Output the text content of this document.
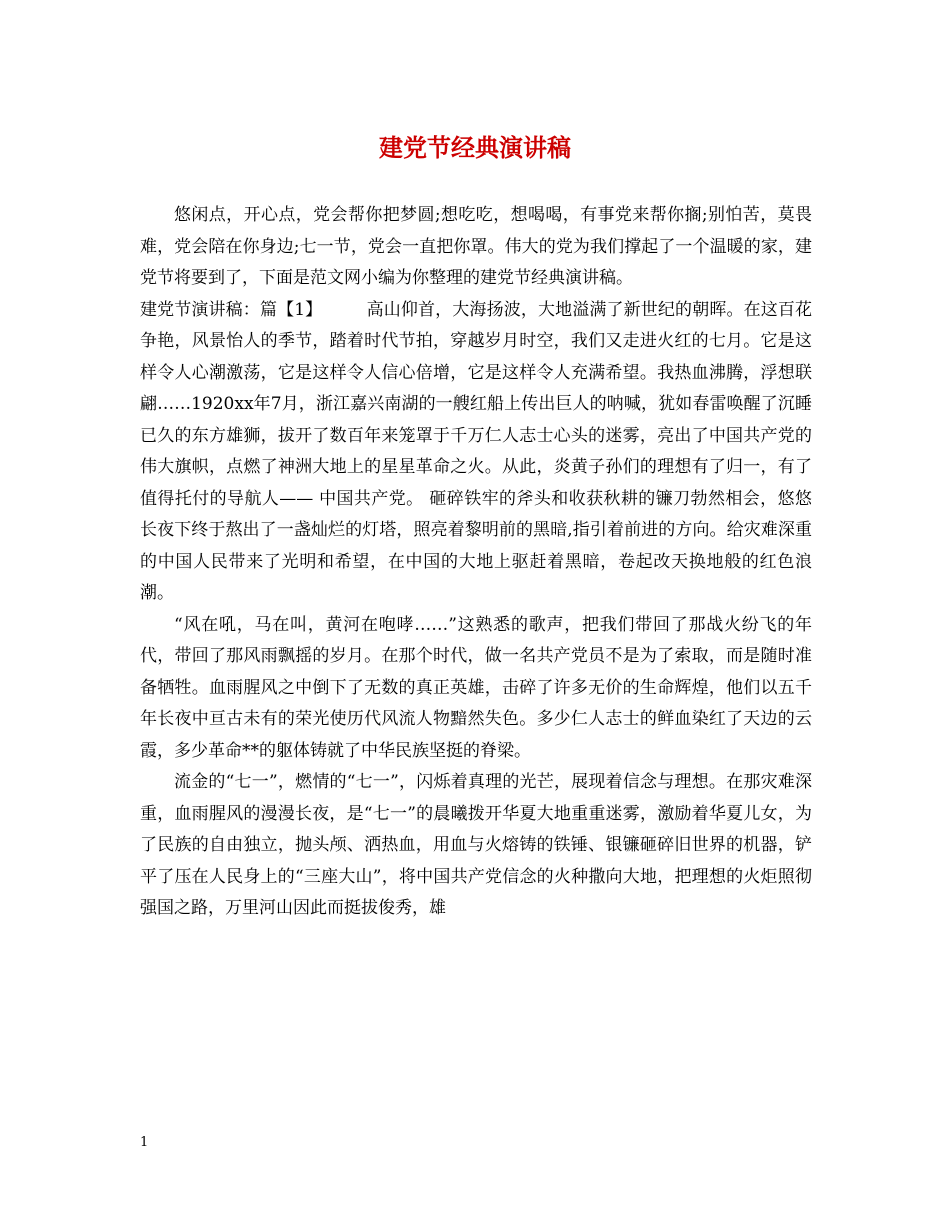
建党节经典演讲稿

悠闲点，开心点，党会帮你把梦圆;想吃吃，想喝喝，有事党来帮你搁;别怕苦，莫畏难，党会陪在你身边;七一节，党会一直把你罩。伟大的党为我们撑起了一个温暖的家，建党节将要到了，下面是范文网小编为你整理的建党节经典演讲稿。

建党节演讲稿：篇【1】	高山仰首，大海扬波，大地溢满了新世纪的朝晖。在这百花争艳，风景怡人的季节，踏着时代节拍，穿越岁月时空，我们又走进火红的七月。它是这样令人心潮激荡，它是这样令人信心倍增，它是这样令人充满希望。我热血沸腾，浮想联翩……1920xx年7月，浙江嘉兴南湖的一艘红船上传出巨人的呐喊，犹如春雷唤醒了沉睡已久的东方雄狮，拔开了数百年来笼罩于千万仁人志士心头的迷雾，亮出了中国共产党的伟大旗帜，点燃了神洲大地上的星星革命之火。从此，炎黄子孙们的理想有了归一，有了值得托付的导航人—— 中国共产党。 砸碎铁牢的斧头和收获秋耕的镰刀勃然相会，悠悠长夜下终于熬出了一盏灿烂的灯塔，照亮着黎明前的黑暗,指引着前进的方向。给灾难深重的中国人民带来了光明和希望，在中国的大地上驱赶着黑暗，卷起改天换地般的红色浪潮。

“风在吼，马在叫，黄河在咆哮……”这熟悉的歌声，把我们带回了那战火纷飞的年代，带回了那风雨飘摇的岁月。在那个时代，做一名共产党员不是为了索取，而是随时准备牺牲。血雨腥风之中倒下了无数的真正英雄，击碎了许多无价的生命辉煌，他们以五千年长夜中亘古未有的荣光使历代风流人物黯然失色。多少仁人志士的鲜血染红了天边的云霞，多少革命**的躯体铸就了中华民族坚挺的脊梁。

流金的“七一”，燃情的“七一”，闪烁着真理的光芒，展现着信念与理想。在那灾难深重，血雨腥风的漫漫长夜，是“七一”的晨曦拨开华夏大地重重迷雾，激励着华夏儿女，为了民族的自由独立，抛头颅、洒热血，用血与火熔铸的铁锤、银镰砸碎旧世界的机器，铲平了压在人民身上的“三座大山”，将中国共产党信念的火种撒向大地，把理想的火炬照彻强国之路，万里河山因此而挺拔俊秀，雄

1
